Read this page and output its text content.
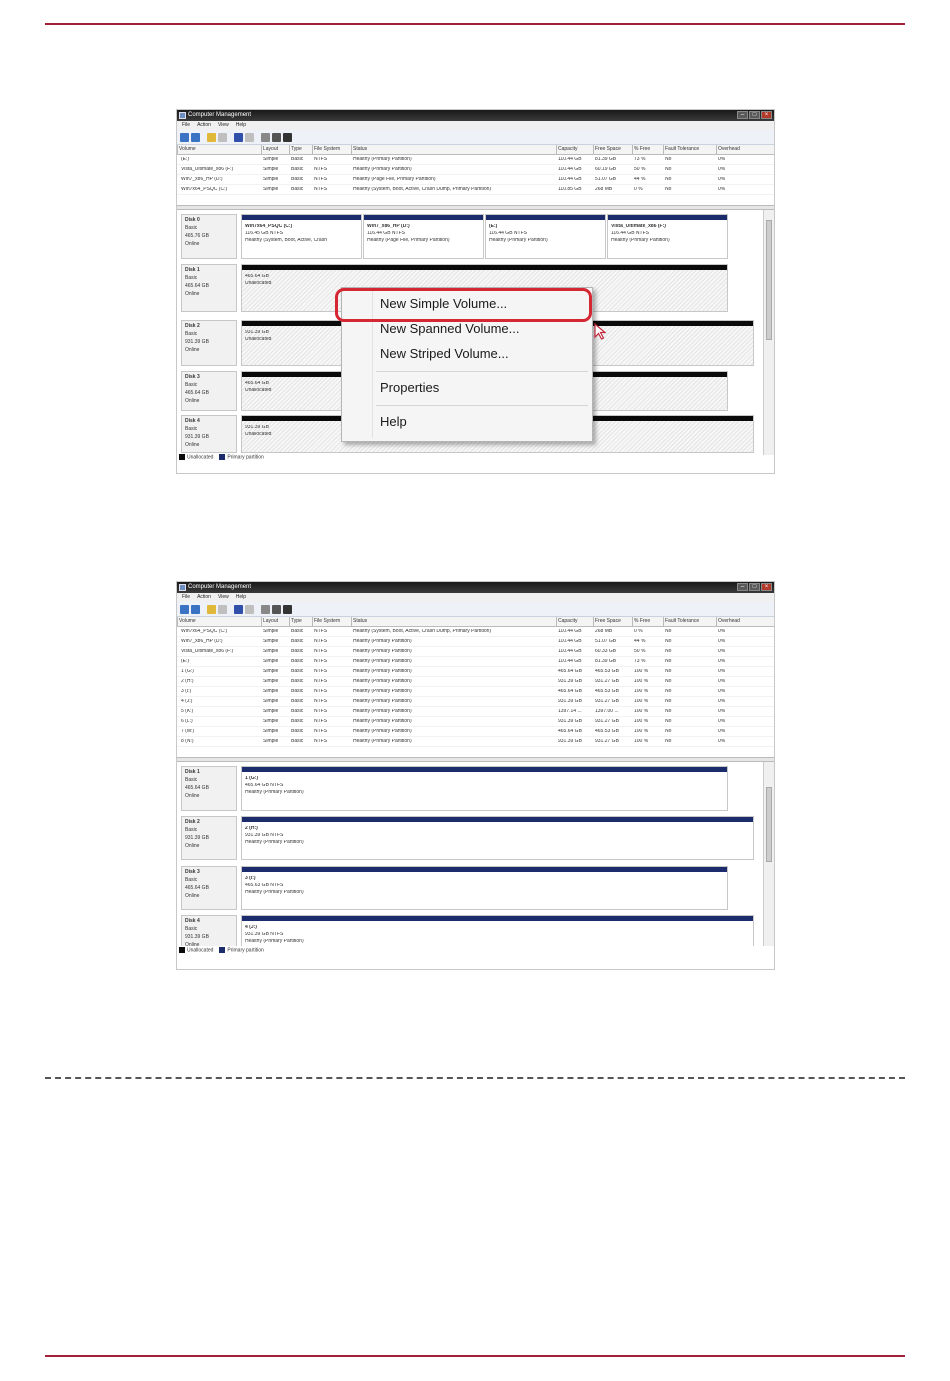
Computer Management	–	□	×
File Action View Help
Volume	Layout	Type	File System	Status	Capacity	Free Space	% Free	Fault Tolerance	Overhead
(E:)	Simple	Basic	NTFS	Healthy (Primary Partition)	110.44 GB	81.39 GB	73 %	No	0%
Vista_Ultimate_x86 (F:)	Simple	Basic	NTFS	Healthy (Primary Partition)	110.44 GB	60.19 GB	50 %	No	0%
Win7_x86_HP (D:)	Simple	Basic	NTFS	Healthy (Page File, Primary Partition)	110.44 GB	51.07 GB	44 %	No	0%
Win7x64_PSQC (C:)	Simple	Basic	NTFS	Healthy (System, Boot, Active, Crash Dump, Primary Partition)	110.85 GB	268 MB	0 %	No	0%
Disk 0
Basic
465.76 GB
Online
Win7x64_PSQC (C:)
116.45 GB NTFS
Healthy (System, Boot, Active, Crash
Win7_x86_HP (D:)
116.44 GB NTFS
Healthy (Page File, Primary Partition)
(E:)
116.44 GB NTFS
Healthy (Primary Partition)
Vista_Ultimate_x86 (F:)
116.44 GB NTFS
Healthy (Primary Partition)
Disk 1
Basic
465.64 GB
Online
465.64 GB
Unallocated
Disk 2
Basic
931.39 GB
Online
931.39 GB
Unallocated
Disk 3
Basic
465.64 GB
Online
465.64 GB
Unallocated
Disk 4
Basic
931.39 GB
Online
931.39 GB
Unallocated
Unallocated	Primary partition
New Simple Volume...
New Spanned Volume...
New Striped Volume...
Properties
Help
Computer Management	–	□	×
File Action View Help
Volume	Layout	Type	File System	Status	Capacity	Free Space	% Free	Fault Tolerance	Overhead
Win7x64_PSQC (C:)	Simple	Basic	NTFS	Healthy (System, Boot, Active, Crash Dump, Primary Partition)	110.44 GB	268 MB	0 %	No	0%
Win7_x86_HP (D:)	Simple	Basic	NTFS	Healthy (Primary Partition)	110.44 GB	51.07 GB	44 %	No	0%
Vista_Ultimate_x86 (F:)	Simple	Basic	NTFS	Healthy (Primary Partition)	110.44 GB	60.33 GB	50 %	No	0%
(E:)	Simple	Basic	NTFS	Healthy (Primary Partition)	110.44 GB	81.39 GB	73 %	No	0%
1 (G:)	Simple	Basic	NTFS	Healthy (Primary Partition)	465.64 GB	465.53 GB	100 %	No	0%
2 (H:)	Simple	Basic	NTFS	Healthy (Primary Partition)	931.39 GB	931.27 GB	100 %	No	0%
3 (I:)	Simple	Basic	NTFS	Healthy (Primary Partition)	465.64 GB	465.53 GB	100 %	No	0%
4 (J:)	Simple	Basic	NTFS	Healthy (Primary Partition)	931.39 GB	931.27 GB	100 %	No	0%
5 (K:)	Simple	Basic	NTFS	Healthy (Primary Partition)	1397.14 ...	1397.00 ...	100 %	No	0%
6 (L:)	Simple	Basic	NTFS	Healthy (Primary Partition)	931.39 GB	931.27 GB	100 %	No	0%
7 (M:)	Simple	Basic	NTFS	Healthy (Primary Partition)	465.64 GB	465.53 GB	100 %	No	0%
8 (N:)	Simple	Basic	NTFS	Healthy (Primary Partition)	931.39 GB	931.27 GB	100 %	No	0%
Disk 1
Basic
465.64 GB
Online
1 (G:)
465.64 GB NTFS
Healthy (Primary Partition)
Disk 2
Basic
931.39 GB
Online
2 (H:)
931.39 GB NTFS
Healthy (Primary Partition)
Disk 3
Basic
465.64 GB
Online
3 (I:)
465.63 GB NTFS
Healthy (Primary Partition)
Disk 4
Basic
931.39 GB
Online
4 (J:)
931.39 GB NTFS
Healthy (Primary Partition)
Unallocated	Primary partition
